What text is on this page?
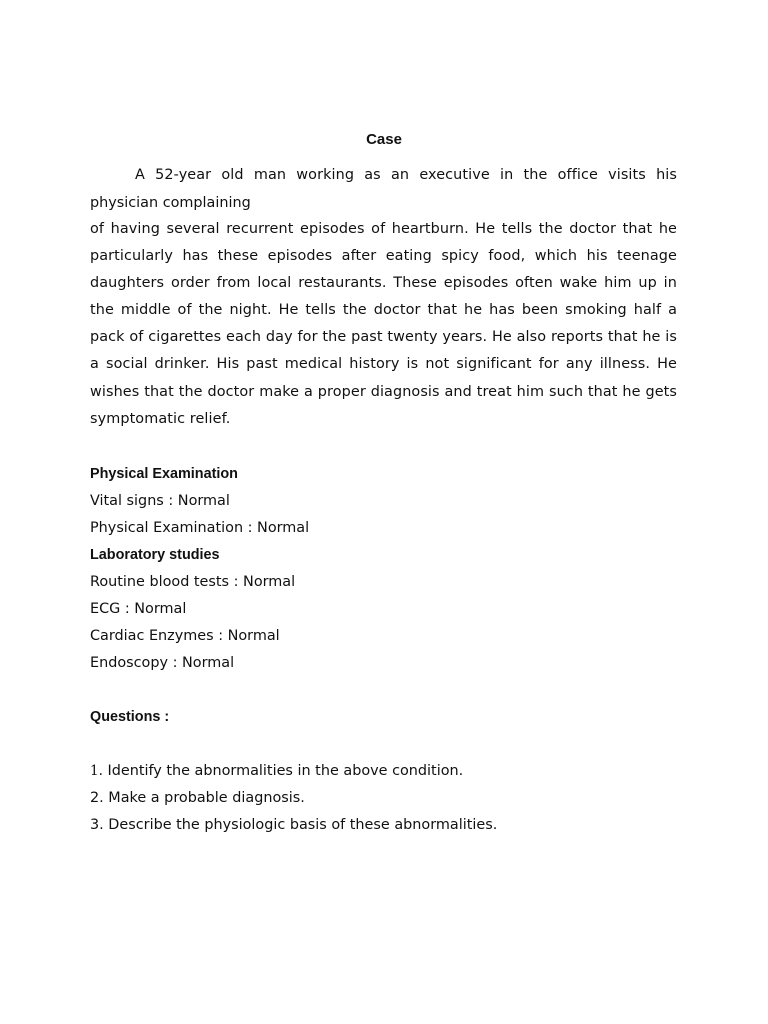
Case
A 52-year old man working as an executive in the office visits his
physician complaining
of having several recurrent episodes of heartburn. He tells the doctor that he particularly has these episodes after eating spicy food, which his teenage daughters order from local restaurants. These episodes often wake him up in the middle of the night. He tells the doctor that he has been smoking half a pack of cigarettes each day for the past twenty years. He also reports that he is a social drinker. His past medical history is not significant for any illness. He wishes that the doctor make a proper diagnosis and treat him such that he gets symptomatic relief.
Physical Examination
Vital signs : Normal
Physical Examination : Normal
Laboratory studies
Routine blood tests : Normal
ECG : Normal
Cardiac Enzymes : Normal
Endoscopy : Normal
Questions :
1. Identify the abnormalities in the above condition.
2. Make a probable diagnosis.
3. Describe the physiologic basis of these abnormalities.
